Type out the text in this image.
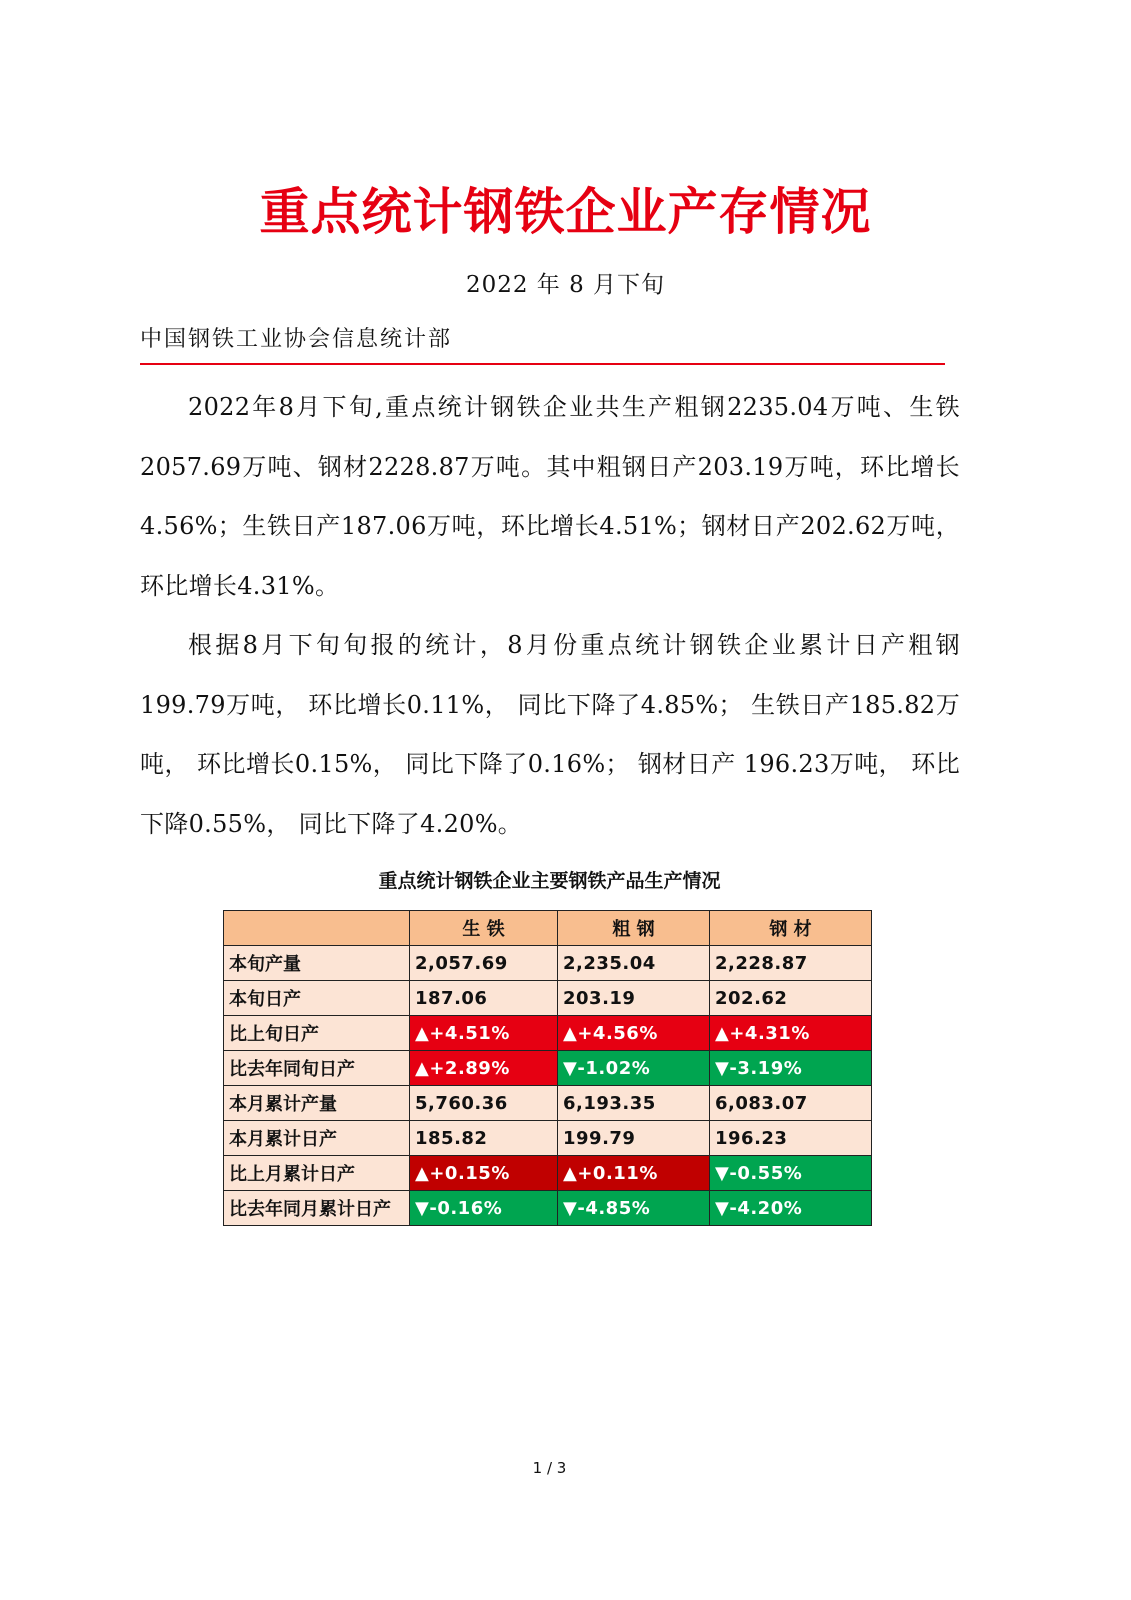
重点统计钢铁企业产存情况
2022 年 8 月下旬
中国钢铁工业协会信息统计部

2022年8月下旬,重点统计钢铁企业共生产粗钢2235.04万吨、生铁2057.69万吨、钢材2228.87万吨。其中粗钢日产203.19万吨，环比增长4.56%；生铁日产187.06万吨，环比增长4.51%；钢材日产202.62万吨，环比增长4.31%。

根据8月下旬旬报的统计，8月份重点统计钢铁企业累计日产粗钢199.79万吨， 环比增长0.11%， 同比下降了4.85%； 生铁日产185.82万吨， 环比增长0.15%， 同比下降了0.16%； 钢材日产 196.23万吨， 环比下降0.55%， 同比下降了4.20%。

重点统计钢铁企业主要钢铁产品生产情况
	生 铁	粗 钢	钢 材
本旬产量	2,057.69	2,235.04	2,228.87
本旬日产	187.06	203.19	202.62
比上旬日产	▲+4.51%	▲+4.56%	▲+4.31%
比去年同旬日产	▲+2.89%	▼-1.02%	▼-3.19%
本月累计产量	5,760.36	6,193.35	6,083.07
本月累计日产	185.82	199.79	196.23
比上月累计日产	▲+0.15%	▲+0.11%	▼-0.55%
比去年同月累计日产	▼-0.16%	▼-4.85%	▼-4.20%
1 / 3
